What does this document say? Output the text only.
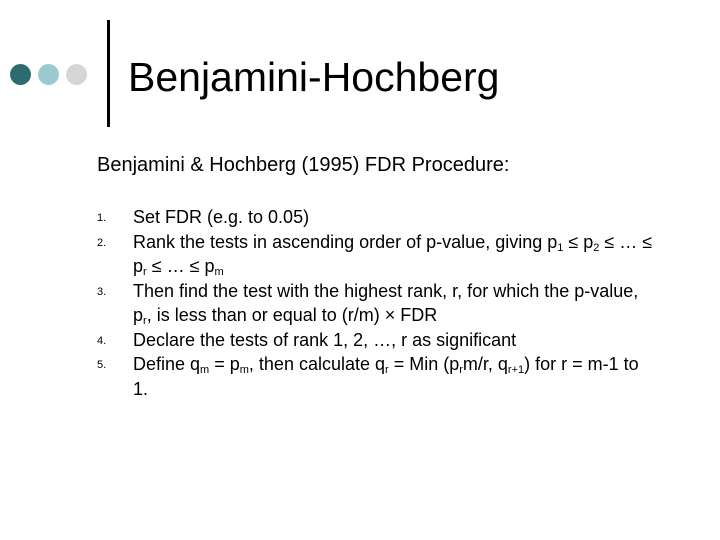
Benjamini-Hochberg
Benjamini & Hochberg (1995) FDR Procedure:
1.	Set FDR (e.g. to 0.05)
2.	Rank the tests in ascending order of p-value, giving $p_1 \le p_2$ ≤ … ≤ $p_r$ ≤ … ≤ $p_m$
3.	Then find the test with the highest rank, r, for which the p-value, $p_r$, is less than or equal to (r/m) × FDR
4.	Declare the tests of rank 1, 2, …, r as significant
5.	Define $q_m = p_m$, then calculate $q_r$ = Min ($p_rm/r$, $q_{r+1}$) for r = m-1 to 1.
